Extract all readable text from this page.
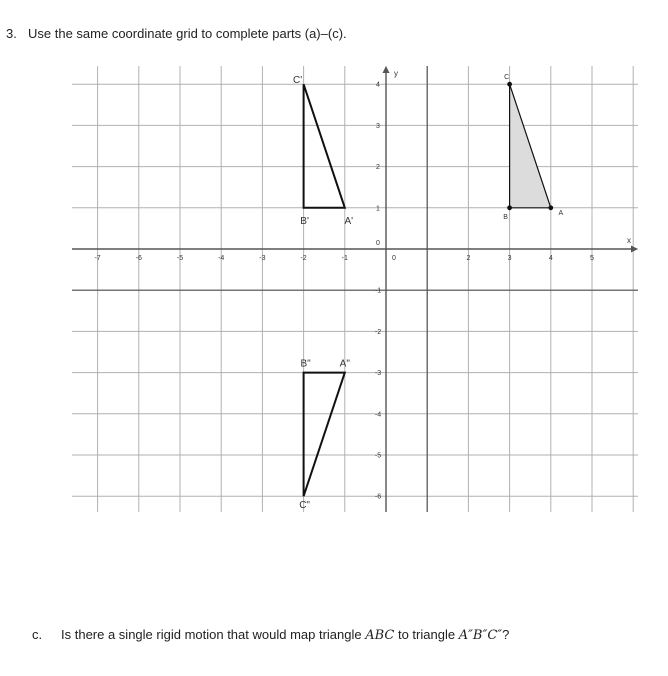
3. Use the same coordinate grid to complete parts (a)–(c).
x
y
-7	-6	-5	-4	-3	-2	-1	0	2	3	4	5
4
3
2
1
0
-1
-2
-3
-4
-5
-6
A
B
C
A'
B'
C'
A"
B"
C"
c. Is there a single rigid motion that would map triangle ABC to triangle A″B″C″?
